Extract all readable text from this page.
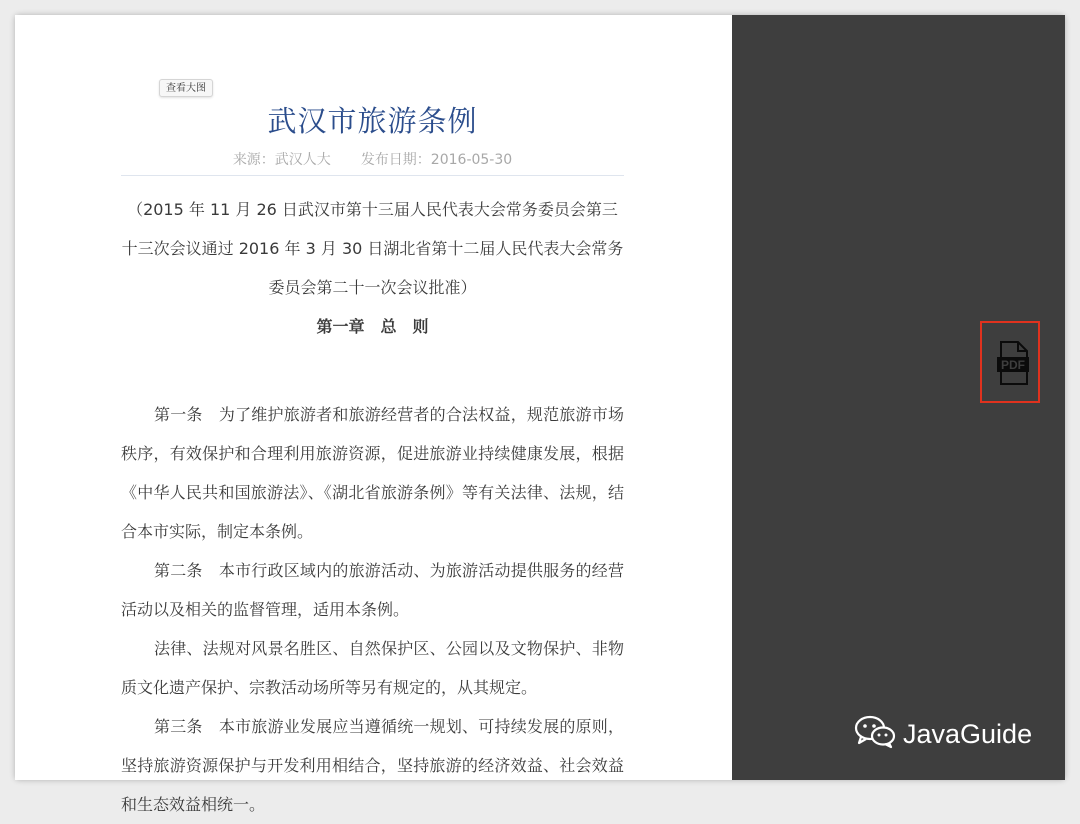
查看大图
武汉市旅游条例
来源：武汉人大 发布日期：2016-05-30

（2015 年 11 月 26 日武汉市第十三届人民代表大会常务委员会第三十三次会议通过 2016 年 3 月 30 日湖北省第十二届人民代表大会常务委员会第二十一次会议批准）

第一章　总　则

第一条　为了维护旅游者和旅游经营者的合法权益，规范旅游市场秩序，有效保护和合理利用旅游资源，促进旅游业持续健康发展，根据《中华人民共和国旅游法》、《湖北省旅游条例》等有关法律、法规，结合本市实际，制定本条例。

第二条　本市行政区域内的旅游活动、为旅游活动提供服务的经营活动以及相关的监督管理，适用本条例。

法律、法规对风景名胜区、自然保护区、公园以及文物保护、非物质文化遗产保护、宗教活动场所等另有规定的，从其规定。

第三条　本市旅游业发展应当遵循统一规划、可持续发展的原则，坚持旅游资源保护与开发利用相结合，坚持旅游的经济效益、社会效益和生态效益相统一。

PDF
JavaGuide
